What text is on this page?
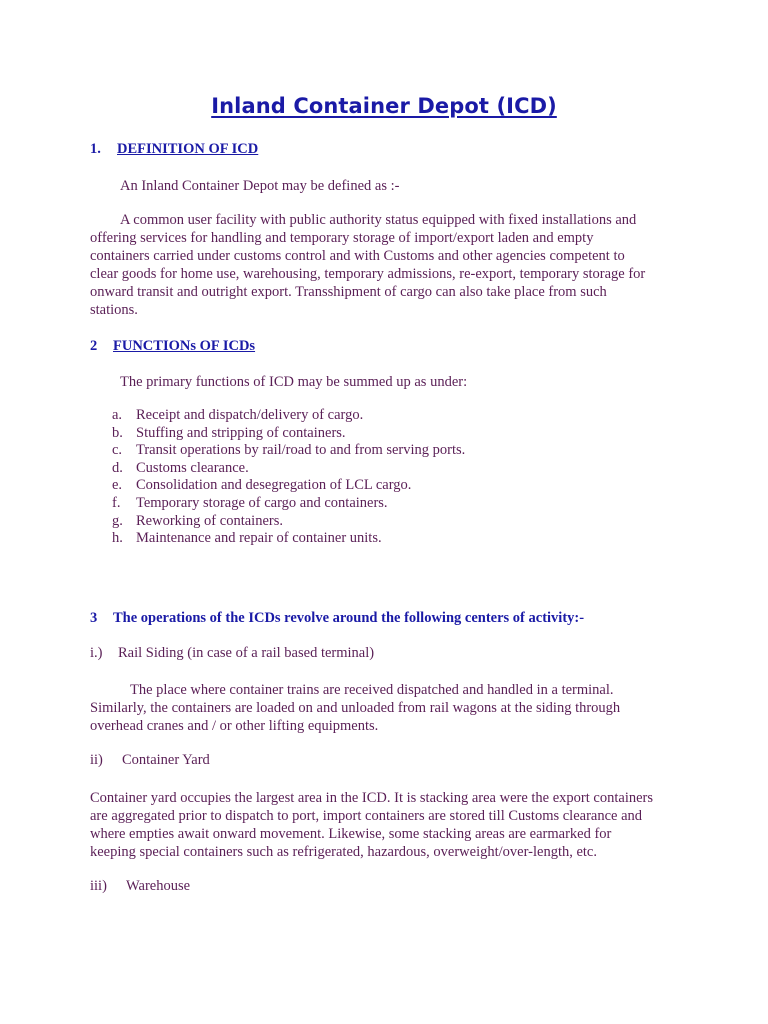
Inland Container Depot (ICD)
1. DEFINITION OF ICD
An Inland Container Depot may be defined as :-
A common user facility with public authority status equipped with fixed installations and
offering services for handling and temporary storage of import/export laden and empty
containers carried under customs control and with Customs and other agencies competent to
clear goods for home use, warehousing, temporary admissions, re-export, temporary storage for
onward transit and outright export. Transshipment of cargo can also take place from such
stations.
2 FUNCTIONs OF ICDs
The primary functions of ICD may be summed up as under:
a. Receipt and dispatch/delivery of cargo.
b. Stuffing and stripping of containers.
c. Transit operations by rail/road to and from serving ports.
d. Customs clearance.
e. Consolidation and desegregation of LCL cargo.
f. Temporary storage of cargo and containers.
g. Reworking of containers.
h. Maintenance and repair of container units.
3 The operations of the ICDs revolve around the following centers of activity:-
i.) Rail Siding (in case of a rail based terminal)
The place where container trains are received dispatched and handled in a terminal.
Similarly, the containers are loaded on and unloaded from rail wagons at the siding through
overhead cranes and / or other lifting equipments.
ii) Container Yard
Container yard occupies the largest area in the ICD. It is stacking area were the export containers
are aggregated prior to dispatch to port, import containers are stored till Customs clearance and
where empties await onward movement. Likewise, some stacking areas are earmarked for
keeping special containers such as refrigerated, hazardous, overweight/over-length, etc.
iii) Warehouse
